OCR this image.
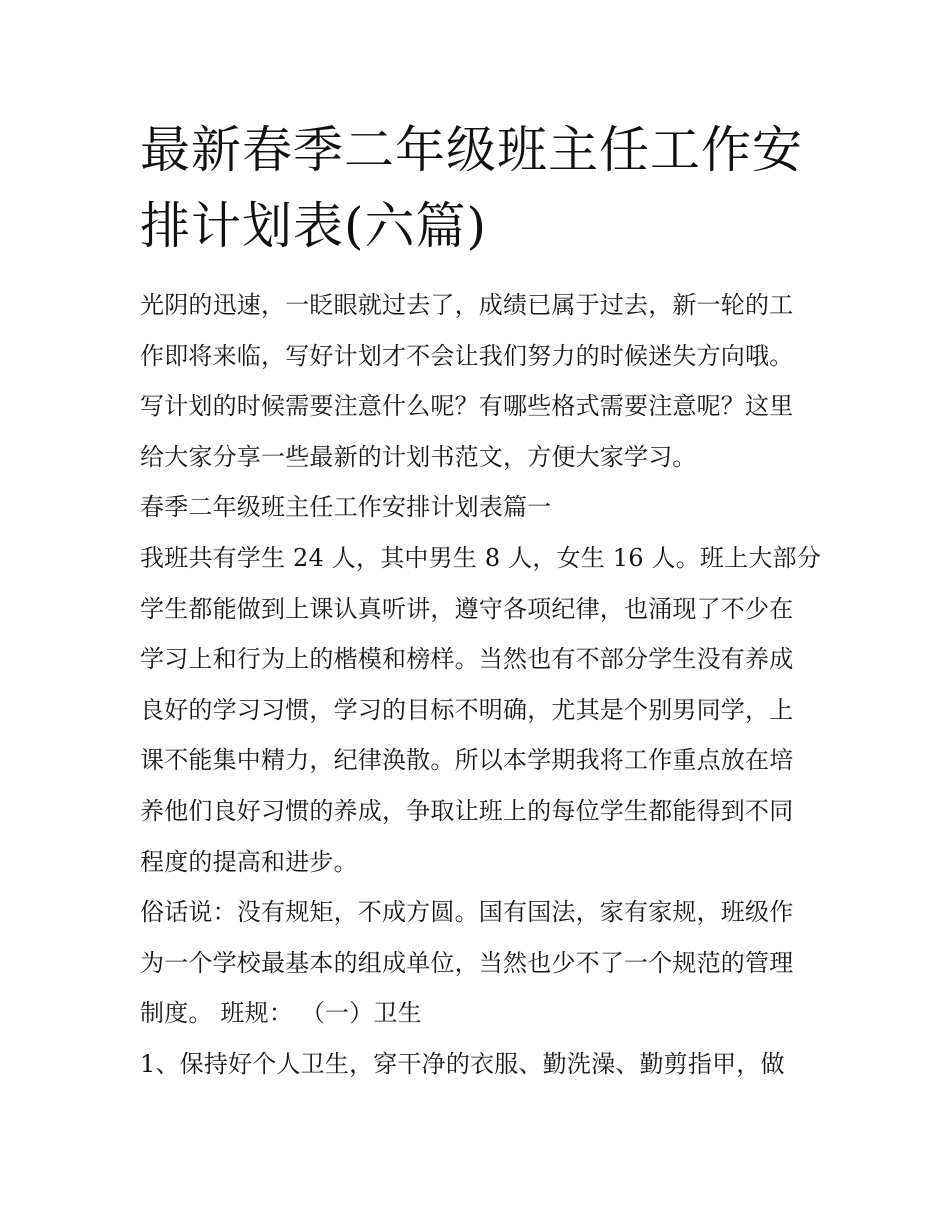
最新春季二年级班主任工作安
排计划表(六篇)

光阴的迅速，一眨眼就过去了，成绩已属于过去，新一轮的工
作即将来临，写好计划才不会让我们努力的时候迷失方向哦。
写计划的时候需要注意什么呢？有哪些格式需要注意呢？这里
给大家分享一些最新的计划书范文，方便大家学习。

春季二年级班主任工作安排计划表篇一

我班共有学生 24 人，其中男生 8 人，女生 16 人。班上大部分
学生都能做到上课认真听讲，遵守各项纪律，也涌现了不少在
学习上和行为上的楷模和榜样。当然也有不部分学生没有养成
良好的学习习惯，学习的目标不明确，尤其是个别男同学，上
课不能集中精力，纪律涣散。所以本学期我将工作重点放在培
养他们良好习惯的养成，争取让班上的每位学生都能得到不同
程度的提高和进步。

俗话说：没有规矩，不成方圆。国有国法，家有家规，班级作
为一个学校最基本的组成单位，当然也少不了一个规范的管理
制度。 班规： （一）卫生

1、保持好个人卫生，穿干净的衣服、勤洗澡、勤剪指甲，做
